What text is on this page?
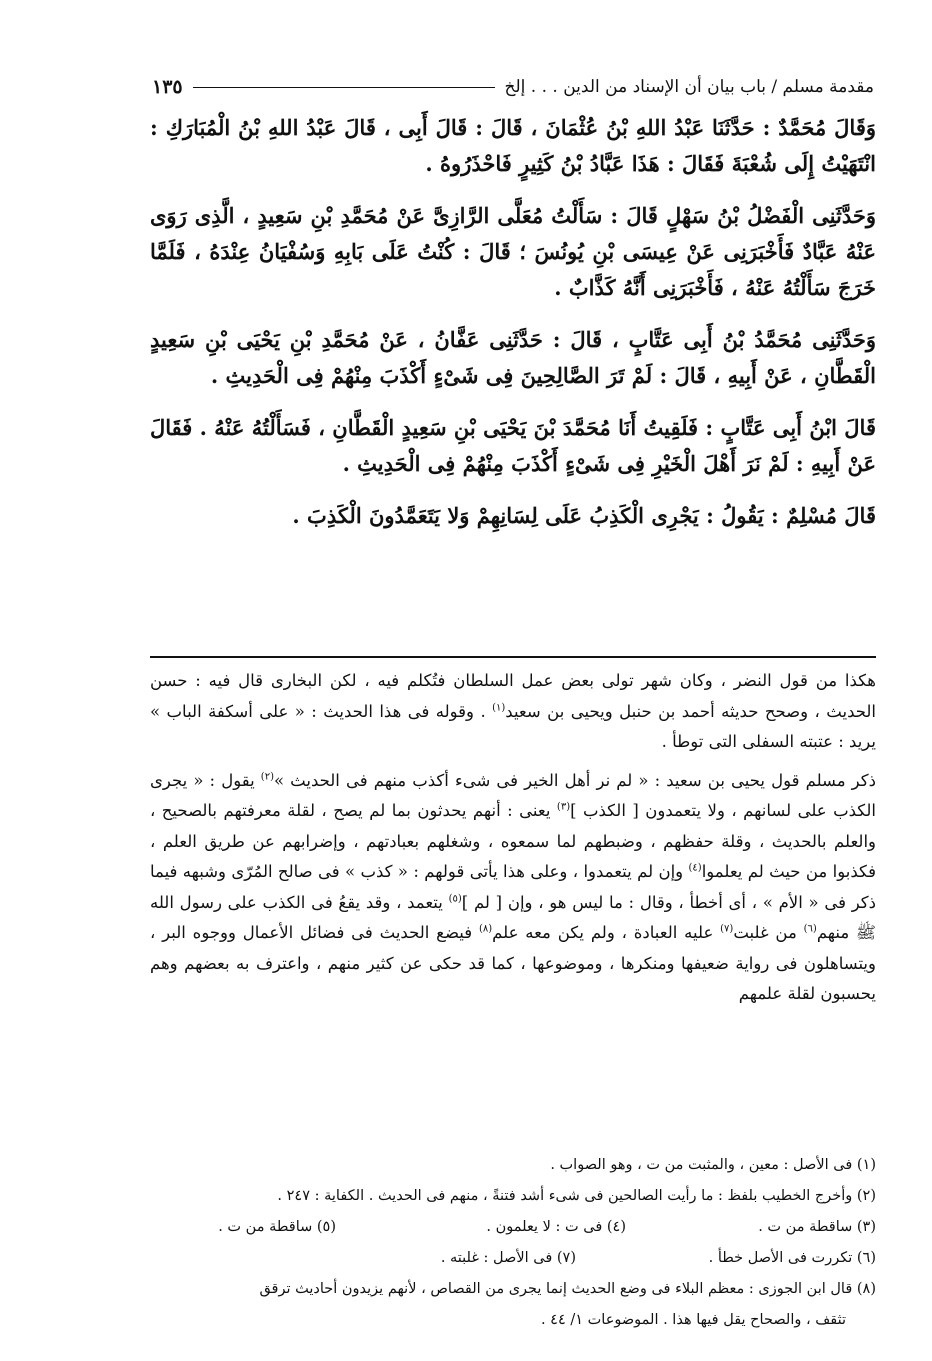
مقدمة مسلم / باب بيان أن الإسناد من الدين . . . إلخ
١٣٥

وَقَالَ مُحَمَّدٌ : حَدَّثَنَا عَبْدُ اللهِ بْنُ عُثْمَانَ ، قَالَ : قَالَ أَبِى ، قَالَ عَبْدُ اللهِ بْنُ الْمُبَارَكِ : انْتَهَيْتُ إِلَى شُعْبَةَ فَقَالَ : هَذَا عَبَّادُ بْنُ كَثِيرٍ فَاحْذَرُوهُ .

وَحَدَّثَنِى الْفَضْلُ بْنُ سَهْلٍ قَالَ : سَأَلْتُ مُعَلَّى الرَّازِىَّ عَنْ مُحَمَّدِ بْنِ سَعِيدٍ ، الَّذِى رَوَى عَنْهُ عَبَّادٌ فَأَخْبَرَنِى عَنْ عِيسَى بْنِ يُونُسَ ؛ قَالَ : كُنْتُ عَلَى بَابِهِ وَسُفْيَانُ عِنْدَهُ ، فَلَمَّا خَرَجَ سَأَلْتُهُ عَنْهُ ، فَأَخْبَرَنِى أَنَّهُ كَذَّابٌ .

وَحَدَّثَنِى مُحَمَّدُ بْنُ أَبِى عَتَّابٍ ، قَالَ : حَدَّثَنِى عَفَّانُ ، عَنْ مُحَمَّدِ بْنِ يَحْيَى بْنِ سَعِيدٍ الْقَطَّانِ ، عَنْ أَبِيهِ ، قَالَ : لَمْ تَرَ الصَّالِحِينَ فِى شَىْءٍ أَكْذَبَ مِنْهُمْ فِى الْحَدِيثِ .

قَالَ ابْنُ أَبِى عَتَّابٍ : فَلَقِيتُ أَنَا مُحَمَّدَ بْنَ يَحْيَى بْنِ سَعِيدٍ الْقَطَّانِ ، فَسَأَلْتُهُ عَنْهُ . فَقَالَ عَنْ أَبِيهِ : لَمْ نَرَ أَهْلَ الْخَيْرِ فِى شَىْءٍ أَكْذَبَ مِنْهُمْ فِى الْحَدِيثِ .

قَالَ مُسْلِمٌ : يَقُولُ : يَجْرِى الْكَذِبُ عَلَى لِسَانِهِمْ وَلا يَتَعَمَّدُونَ الْكَذِبَ .

هكذا من قول النضر ، وكان شهر تولى بعض عمل السلطان فتُكلم فيه ، لكن البخارى قال فيه : حسن الحديث ، وصحح حديثه أحمد بن حنبل ويحيى بن سعيد$^{(١)}$ . وقوله فى هذا الحديث : « على أسكفة الباب » يريد : عتبته السفلى التى توطأ .

ذكر مسلم قول يحيى بن سعيد : « لم نر أهل الخير فى شىء أكذب منهم فى الحديث »$^{(٢)}$ يقول : « يجرى الكذب على لسانهم ، ولا يتعمدون [ الكذب ]$^{(٣)}$ يعنى : أنهم يحدثون بما لم يصح ، لقلة معرفتهم بالصحيح ، والعلم بالحديث ، وقلة حفظهم ، وضبطهم لما سمعوه ، وشغلهم بعبادتهم ، وإضرابهم عن طريق العلم ، فكذبوا من حيث لم يعلموا$^{(٤)}$ وإن لم يتعمدوا ، وعلى هذا يأتى قولهم : « كذب » فى صالح المُرّى وشبهه فيما ذكر فى « الأم » ، أى أخطأ ، وقال : ما ليس هو ، وإن [ لم ]$^{(٥)}$ يتعمد ، وقد يقعُ فى الكذب على رسول الله ﷺ منهم$^{(٦)}$ من غلبت$^{(٧)}$ عليه العبادة ، ولم يكن معه علم$^{(٨)}$ فيضع الحديث فى فضائل الأعمال ووجوه البر ، ويتساهلون فى رواية ضعيفها ومنكرها ، وموضوعها ، كما قد حكى عن كثير منهم ، واعترف به بعضهم وهم يحسبون لقلة علمهم

(١) فى الأصل : معين ، والمثبت من ت ، وهو الصواب .
(٢) وأخرج الخطيب بلفظ : ما رأيت الصالحين فى شىء أشد فتنةً ، منهم فى الحديث . الكفاية : ٢٤٧ .
(٣) ساقطة من ت .
(٤) فى ت : لا يعلمون .
(٥) ساقطة من ت .
(٦) تكررت فى الأصل خطأ .
(٧) فى الأصل : غلبته .
(٨) قال ابن الجوزى : معظم البلاء فى وضع الحديث إنما يجرى من القصاص ، لأنهم يزيدون أحاديث ترقق
تثقف ، والصحاح يقل فيها هذا . الموضوعات ١/ ٤٤ .
